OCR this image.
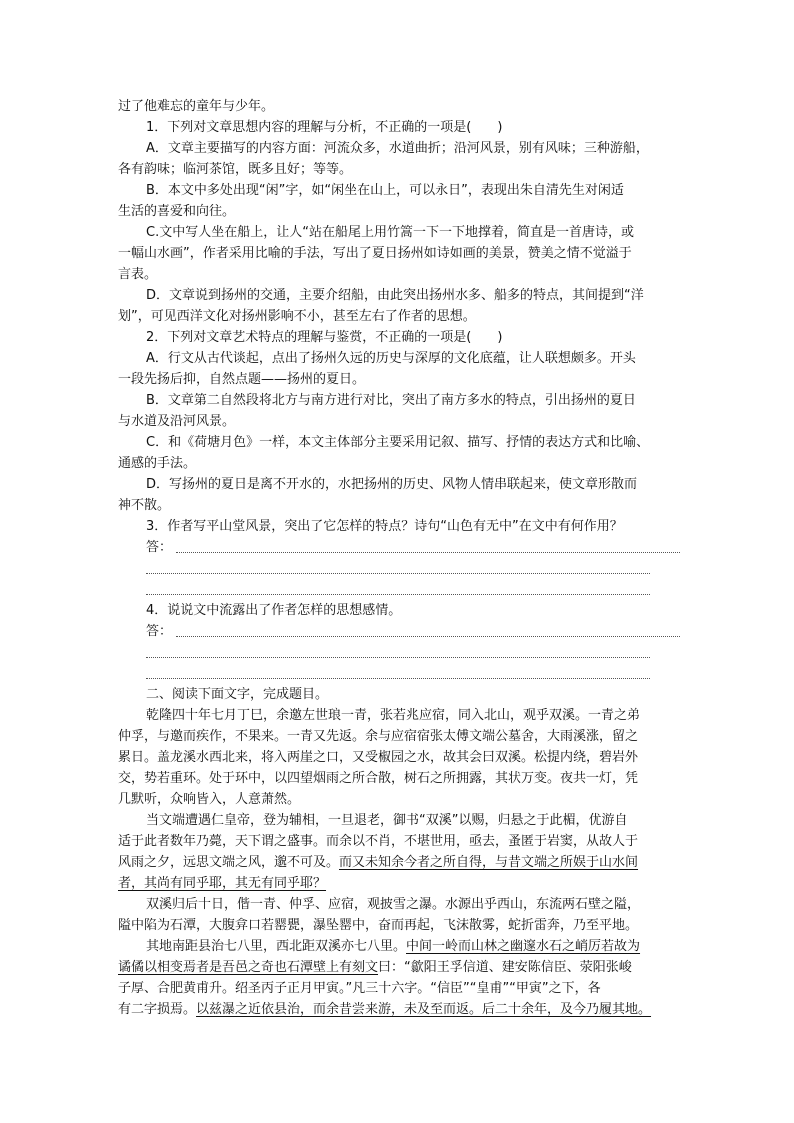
过了他难忘的童年与少年。
1．下列对文章思想内容的理解与分析，不正确的一项是(　　)
A．文章主要描写的内容方面：河流众多，水道曲折；沿河风景，别有风味；三种游船，
各有韵味；临河茶馆，既多且好；等等。
B．本文中多处出现“闲”字，如“闲坐在山上，可以永日”，表现出朱自清先生对闲适
生活的喜爱和向往。
C.文中写人坐在船上，让人“站在船尾上用竹篙一下一下地撑着，简直是一首唐诗，或
一幅山水画”，作者采用比喻的手法，写出了夏日扬州如诗如画的美景，赞美之情不觉溢于
言表。
D．文章说到扬州的交通，主要介绍船，由此突出扬州水多、船多的特点，其间提到“洋
划”，可见西洋文化对扬州影响不小，甚至左右了作者的思想。
2．下列对文章艺术特点的理解与鉴赏，不正确的一项是(　　)
A．行文从古代谈起，点出了扬州久远的历史与深厚的文化底蕴，让人联想颇多。开头
一段先扬后抑，自然点题——扬州的夏日。
B．文章第二自然段将北方与南方进行对比，突出了南方多水的特点，引出扬州的夏日
与水道及沿河风景。
C．和《荷塘月色》一样，本文主体部分主要采用记叙、描写、抒情的表达方式和比喻、
通感的手法。
D．写扬州的夏日是离不开水的，水把扬州的历史、风物人情串联起来，使文章形散而
神不散。
3．作者写平山堂风景，突出了它怎样的特点？诗句“山色有无中”在文中有何作用？
答：
4．说说文中流露出了作者怎样的思想感情。
答：
二、阅读下面文字，完成题目。
乾隆四十年七月丁巳，余邀左世琅一青，张若兆应宿，同入北山，观乎双溪。一青之弟
仲孚，与邀而疾作，不果来。一青又先返。余与应宿宿张太傅文端公墓舍，大雨溪涨，留之
累日。盖龙溪水西北来，将入两崖之口，又受椒园之水，故其会曰双溪。松提内绕，碧岩外
交，势若重环。处于环中，以四望烟雨之所合散，树石之所拥露，其状万变。夜共一灯，凭
几默听，众响皆入，人意萧然。
当文端遭遇仁皇帝，登为辅相，一旦退老，御书“双溪”以赐，归悬之于此楣，优游自
适于此者数年乃薨，天下谓之盛事。而余以不肖，不堪世用，亟去，蚤匿于岩窦，从故人于
风雨之夕，远思文端之风，邈不可及。而又未知余今者之所自得，与昔文端之所娱于山水间
者，其尚有同乎耶，其无有同乎耶？
双溪归后十日，偕一青、仲孚、应宿，观披雪之瀑。水源出乎西山，东流两石壁之隘，
隘中陷为石潭，大腹弇口若罂甖，瀑坠罂中，奋而再起，飞沫散雾，蛇折雷奔，乃至平地。
其地南距县治七八里，西北距双溪亦七八里。中间一岭而山林之幽邃水石之峭厉若故为
谲僪以相变焉者是吾邑之奇也石潭壁上有刻文曰：“歙阳王孚信道、建安陈信臣、荥阳张峻
子厚、合肥黄甫升。绍圣丙子正月甲寅。”凡三十六字。“信臣”“皇甫”“甲寅”之下，各
有二字损焉。以兹瀑之近依县治，而余昔尝来游，未及至而返。后二十余年，及今乃履其地。
